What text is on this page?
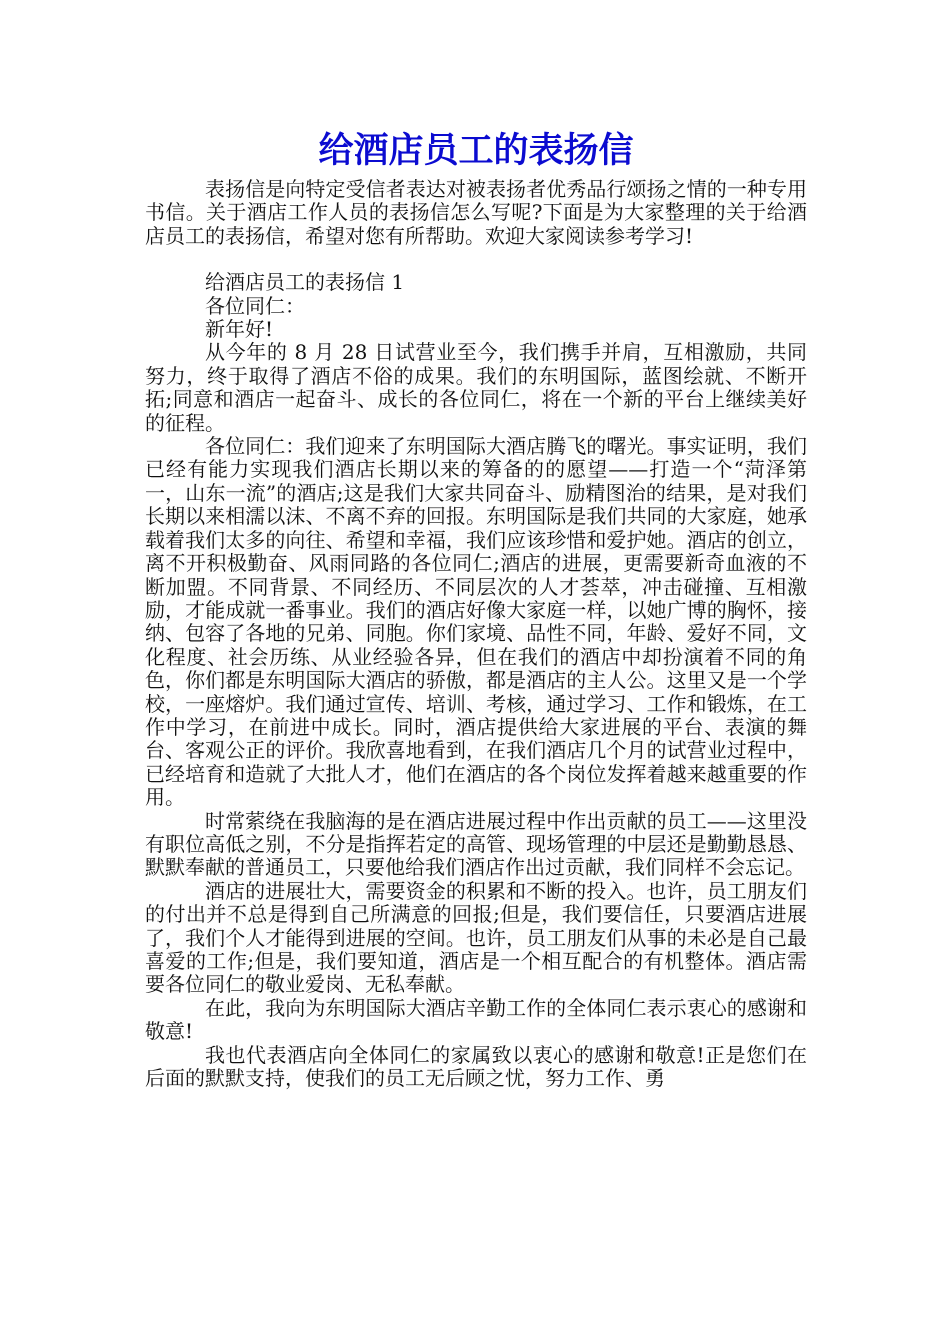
给酒店员工的表扬信

表扬信是向特定受信者表达对被表扬者优秀品行颂扬之情的一种专用书信。关于酒店工作人员的表扬信怎么写呢?下面是为大家整理的关于给酒店员工的表扬信，希望对您有所帮助。欢迎大家阅读参考学习!

给酒店员工的表扬信 1

各位同仁：

新年好!

从今年的 8 月 28 日试营业至今，我们携手并肩，互相激励，共同努力，终于取得了酒店不俗的成果。我们的东明国际，蓝图绘就、不断开拓;同意和酒店一起奋斗、成长的各位同仁，将在一个新的平台上继续美好的征程。

各位同仁：我们迎来了东明国际大酒店腾飞的曙光。事实证明，我们已经有能力实现我们酒店长期以来的筹备的的愿望——打造一个“菏泽第一，山东一流”的酒店;这是我们大家共同奋斗、励精图治的结果，是对我们长期以来相濡以沫、不离不弃的回报。东明国际是我们共同的大家庭，她承载着我们太多的向往、希望和幸福，我们应该珍惜和爱护她。酒店的创立，离不开积极勤奋、风雨同路的各位同仁;酒店的进展，更需要新奇血液的不断加盟。不同背景、不同经历、不同层次的人才荟萃，冲击碰撞、互相激励，才能成就一番事业。我们的酒店好像大家庭一样，以她广博的胸怀，接纳、包容了各地的兄弟、同胞。你们家境、品性不同，年龄、爱好不同，文化程度、社会历练、从业经验各异，但在我们的酒店中却扮演着不同的角色，你们都是东明国际大酒店的骄傲，都是酒店的主人公。这里又是一个学校，一座熔炉。我们通过宣传、培训、考核，通过学习、工作和锻炼，在工作中学习，在前进中成长。同时，酒店提供给大家进展的平台、表演的舞台、客观公正的评价。我欣喜地看到，在我们酒店几个月的试营业过程中，已经培育和造就了大批人才，他们在酒店的各个岗位发挥着越来越重要的作用。

时常萦绕在我脑海的是在酒店进展过程中作出贡献的员工——这里没有职位高低之别，不分是指挥若定的高管、现场管理的中层还是勤勤恳恳、默默奉献的普通员工，只要他给我们酒店作出过贡献，我们同样不会忘记。

酒店的进展壮大，需要资金的积累和不断的投入。也许，员工朋友们的付出并不总是得到自己所满意的回报;但是，我们要信任，只要酒店进展了，我们个人才能得到进展的空间。也许，员工朋友们从事的未必是自己最喜爱的工作;但是，我们要知道，酒店是一个相互配合的有机整体。酒店需要各位同仁的敬业爱岗、无私奉献。

在此，我向为东明国际大酒店辛勤工作的全体同仁表示衷心的感谢和敬意!

我也代表酒店向全体同仁的家属致以衷心的感谢和敬意!正是您们在后面的默默支持，使我们的员工无后顾之忧，努力工作、勇
